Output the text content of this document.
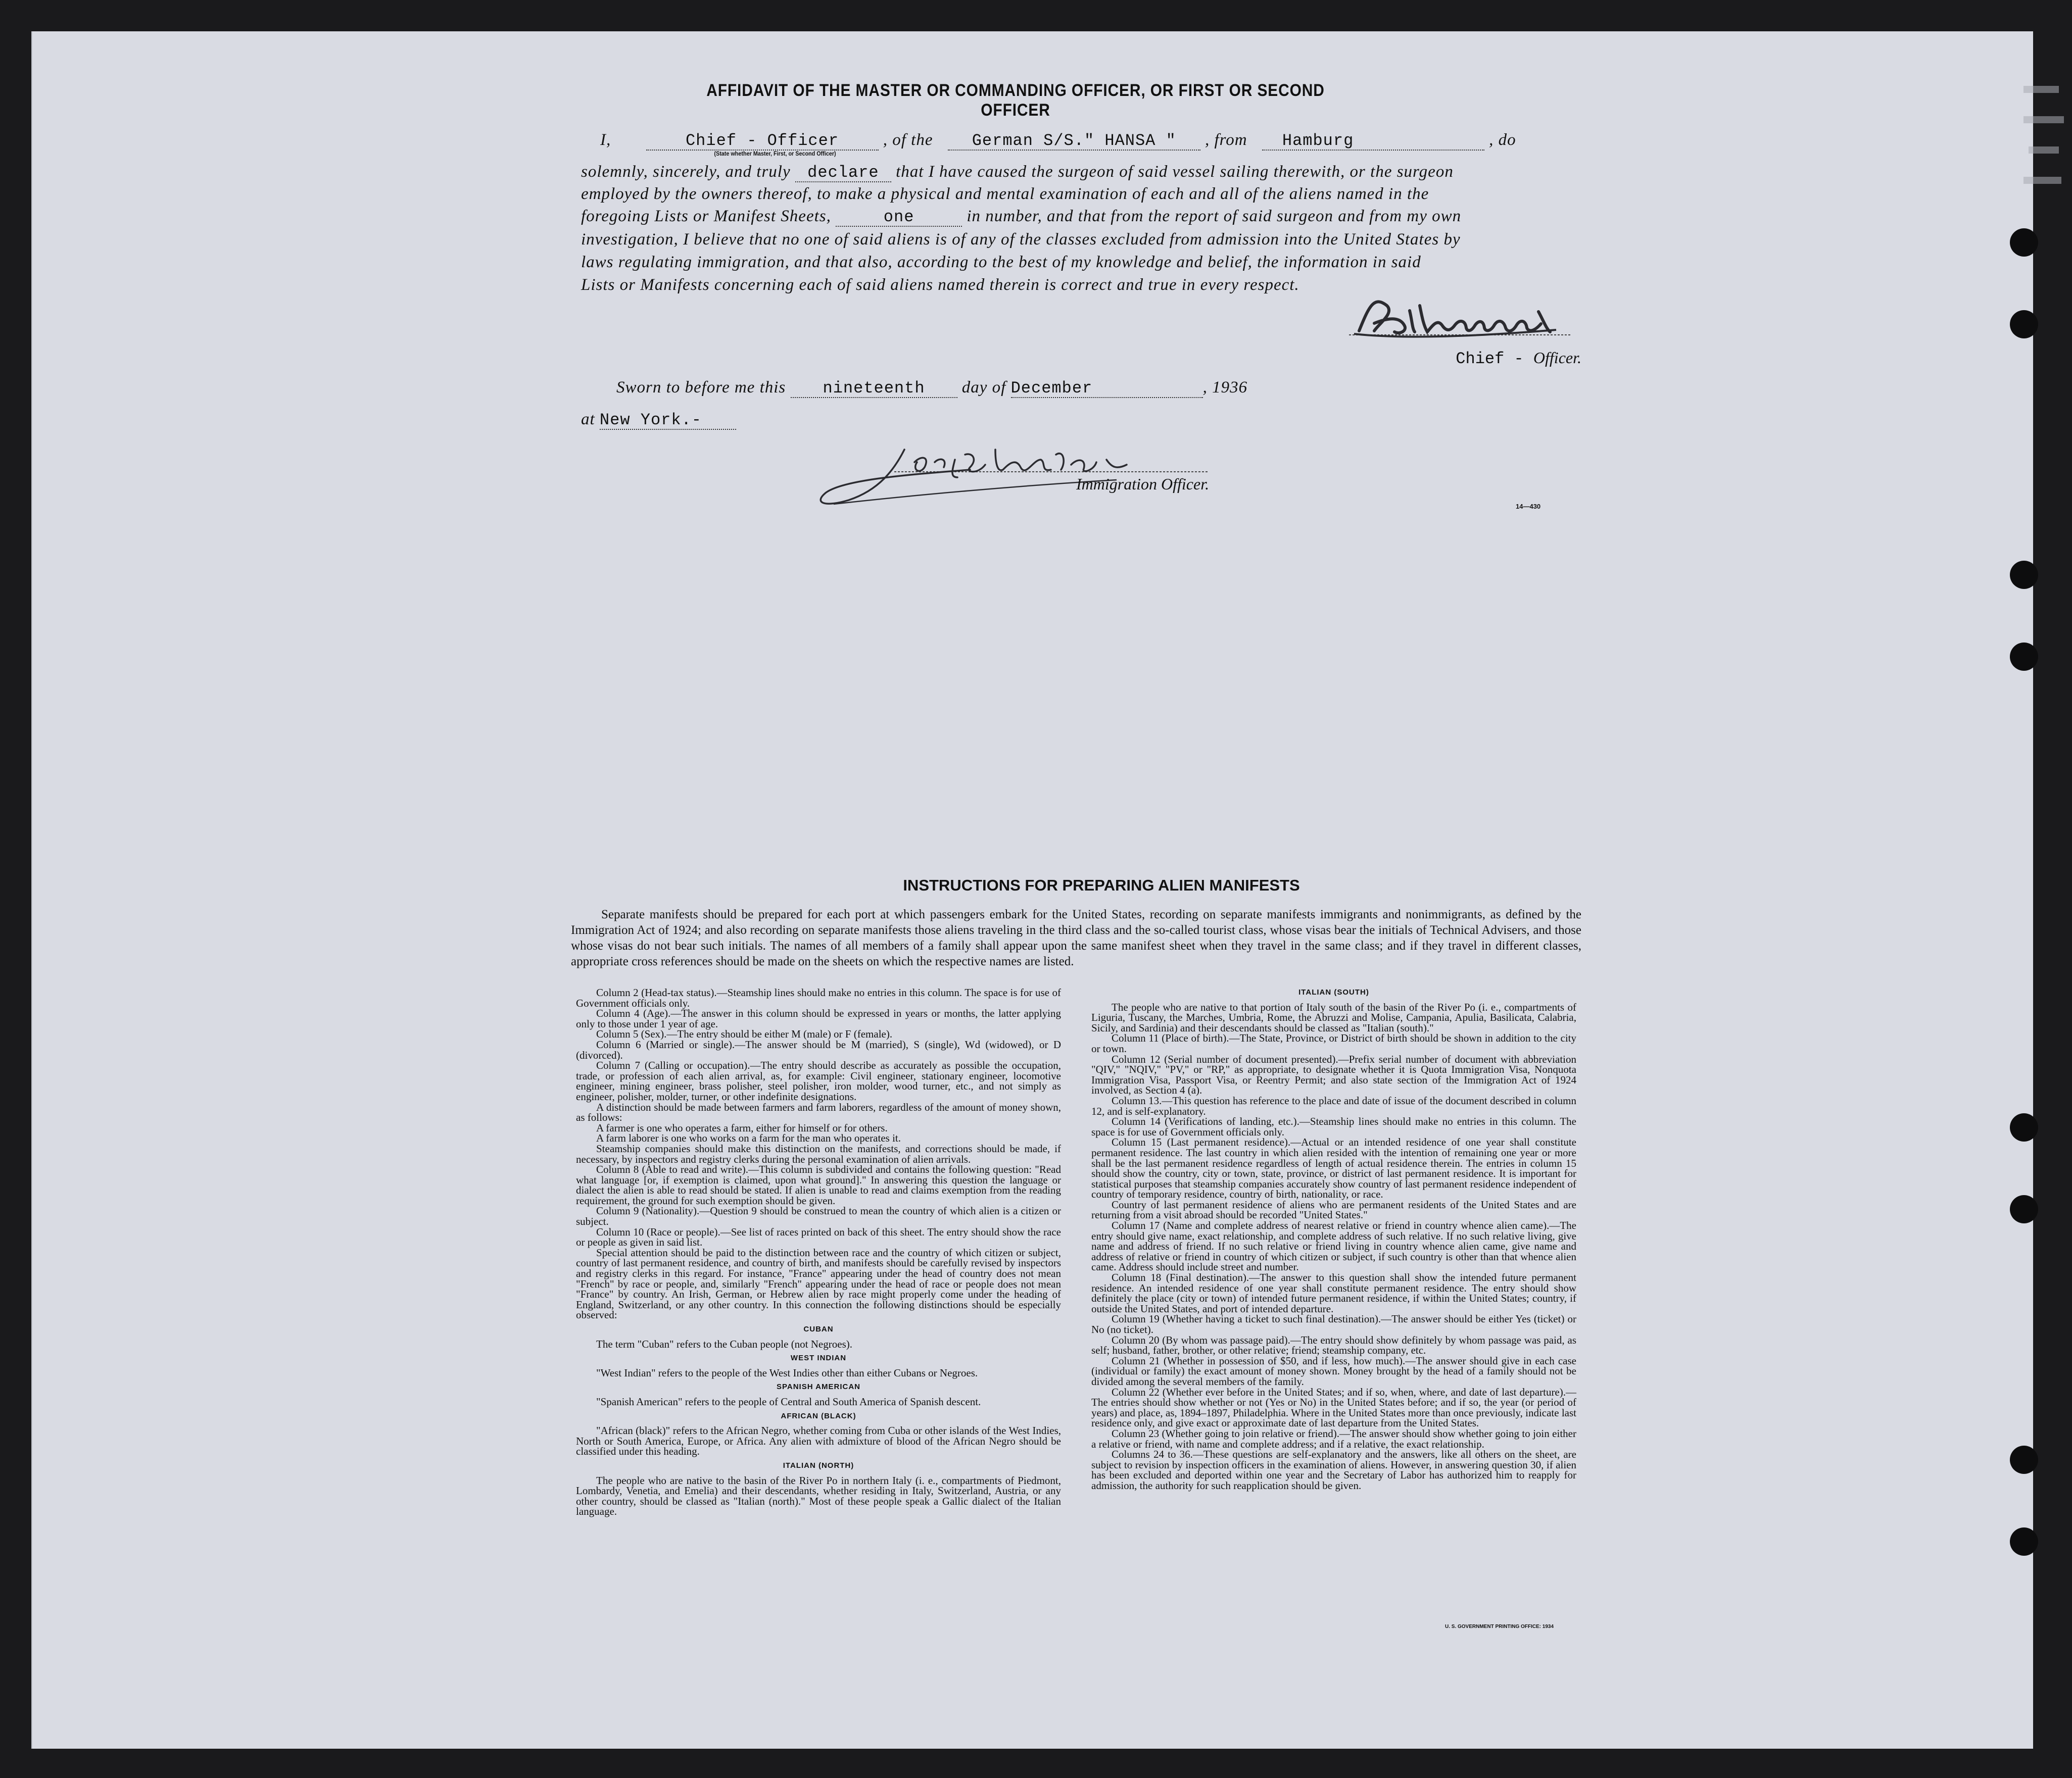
AFFIDAVIT OF THE MASTER OR COMMANDING OFFICER, OR FIRST OR SECOND OFFICER
I,	Chief - Officer	, of the German S/S." HANSA " , from Hamburg	, do
(State whether Master, First, or Second Officer)
solemnly, sincerely, and truly declare that I have caused the surgeon of said vessel sailing therewith, or the surgeon
employed by the owners thereof, to make a physical and mental examination of each and all of the aliens named in the
foregoing Lists or Manifest Sheets,	one	in number, and that from the report of said surgeon and from my own
investigation, I believe that no one of said aliens is of any of the classes excluded from admission into the United States by
laws regulating immigration, and that also, according to the best of my knowledge and belief, the information in said
Lists or Manifests concerning each of said aliens named therein is correct and true in every respect.
Chief - Officer.
Sworn to before me this nineteenth day of December	, 1936
at New York.-
Immigration Officer.
14—430
INSTRUCTIONS FOR PREPARING ALIEN MANIFESTS
Separate manifests should be prepared for each port at which passengers embark for the United States, recording on separate manifests immigrants and nonimmigrants, as defined by the Immigration Act of 1924; and also recording on separate manifests those aliens traveling in the third class and the so-called tourist class, whose visas bear the initials of Technical Advisers, and those whose visas do not bear such initials. The names of all members of a family shall appear upon the same manifest sheet when they travel in the same class; and if they travel in different classes, appropriate cross references should be made on the sheets on which the respective names are listed.

Column 2 (Head-tax status).—Steamship lines should make no entries in this column. The space is for use of Government officials only.

Column 4 (Age).—The answer in this column should be expressed in years or months, the latter applying only to those under 1 year of age.

Column 5 (Sex).—The entry should be either M (male) or F (female).

Column 6 (Married or single).—The answer should be M (married), S (single), Wd (widowed), or D (divorced).

Column 7 (Calling or occupation).—The entry should describe as accurately as possible the occupation, trade, or profession of each alien arrival, as, for example: Civil engineer, stationary engineer, locomotive engineer, mining engineer, brass polisher, steel polisher, iron molder, wood turner, etc., and not simply as engineer, polisher, molder, turner, or other indefinite designations.

A distinction should be made between farmers and farm laborers, regardless of the amount of money shown, as follows:

A farmer is one who operates a farm, either for himself or for others.

A farm laborer is one who works on a farm for the man who operates it.

Steamship companies should make this distinction on the manifests, and corrections should be made, if necessary, by inspectors and registry clerks during the personal examination of alien arrivals.

Column 8 (Able to read and write).—This column is subdivided and contains the following question: "Read what language [or, if exemption is claimed, upon what ground]." In answering this question the language or dialect the alien is able to read should be stated. If alien is unable to read and claims exemption from the reading requirement, the ground for such exemption should be given.

Column 9 (Nationality).—Question 9 should be construed to mean the country of which alien is a citizen or subject.

Column 10 (Race or people).—See list of races printed on back of this sheet. The entry should show the race or people as given in said list.

Special attention should be paid to the distinction between race and the country of which citizen or subject, country of last permanent residence, and country of birth, and manifests should be carefully revised by inspectors and registry clerks in this regard. For instance, "France" appearing under the head of country does not mean "French" by race or people, and, similarly "French" appearing under the head of race or people does not mean "France" by country. An Irish, German, or Hebrew alien by race might properly come under the heading of England, Switzerland, or any other country. In this connection the following distinctions should be especially observed:

CUBAN

The term "Cuban" refers to the Cuban people (not Negroes).

WEST INDIAN

"West Indian" refers to the people of the West Indies other than either Cubans or Negroes.

SPANISH AMERICAN

"Spanish American" refers to the people of Central and South America of Spanish descent.

AFRICAN (BLACK)

"African (black)" refers to the African Negro, whether coming from Cuba or other islands of the West Indies, North or South America, Europe, or Africa. Any alien with admixture of blood of the African Negro should be classified under this heading.

ITALIAN (NORTH)

The people who are native to the basin of the River Po in northern Italy (i. e., compartments of Piedmont, Lombardy, Venetia, and Emelia) and their descendants, whether residing in Italy, Switzerland, Austria, or any other country, should be classed as "Italian (north)." Most of these people speak a Gallic dialect of the Italian language.

ITALIAN (SOUTH)

The people who are native to that portion of Italy south of the basin of the River Po (i. e., compartments of Liguria, Tuscany, the Marches, Umbria, Rome, the Abruzzi and Molise, Campania, Apulia, Basilicata, Calabria, Sicily, and Sardinia) and their descendants should be classed as "Italian (south)."

Column 11 (Place of birth).—The State, Province, or District of birth should be shown in addition to the city or town.

Column 12 (Serial number of document presented).—Prefix serial number of document with abbreviation "QIV," "NQIV," "PV," or "RP," as appropriate, to designate whether it is Quota Immigration Visa, Nonquota Immigration Visa, Passport Visa, or Reentry Permit; and also state section of the Immigration Act of 1924 involved, as Section 4 (a).

Column 13.—This question has reference to the place and date of issue of the document described in column 12, and is self-explanatory.

Column 14 (Verifications of landing, etc.).—Steamship lines should make no entries in this column. The space is for use of Government officials only.

Column 15 (Last permanent residence).—Actual or an intended residence of one year shall constitute permanent residence. The last country in which alien resided with the intention of remaining one year or more shall be the last permanent residence regardless of length of actual residence therein. The entries in column 15 should show the country, city or town, state, province, or district of last permanent residence. It is important for statistical purposes that steamship companies accurately show country of last permanent residence independent of country of temporary residence, country of birth, nationality, or race.

Country of last permanent residence of aliens who are permanent residents of the United States and are returning from a visit abroad should be recorded "United States."

Column 17 (Name and complete address of nearest relative or friend in country whence alien came).—The entry should give name, exact relationship, and complete address of such relative. If no such relative living, give name and address of friend. If no such relative or friend living in country whence alien came, give name and address of relative or friend in country of which citizen or subject, if such country is other than that whence alien came. Address should include street and number.

Column 18 (Final destination).—The answer to this question shall show the intended future permanent residence. An intended residence of one year shall constitute permanent residence. The entry should show definitely the place (city or town) of intended future permanent residence, if within the United States; country, if outside the United States, and port of intended departure.

Column 19 (Whether having a ticket to such final destination).—The answer should be either Yes (ticket) or No (no ticket).

Column 20 (By whom was passage paid).—The entry should show definitely by whom passage was paid, as self; husband, father, brother, or other relative; friend; steamship company, etc.

Column 21 (Whether in possession of $50, and if less, how much).—The answer should give in each case (individual or family) the exact amount of money shown. Money brought by the head of a family should not be divided among the several members of the family.

Column 22 (Whether ever before in the United States; and if so, when, where, and date of last departure).—The entries should show whether or not (Yes or No) in the United States before; and if so, the year (or period of years) and place, as, 1894–1897, Philadelphia. Where in the United States more than once previously, indicate last residence only, and give exact or approximate date of last departure from the United States.

Column 23 (Whether going to join relative or friend).—The answer should show whether going to join either a relative or friend, with name and complete address; and if a relative, the exact relationship.

Columns 24 to 36.—These questions are self-explanatory and the answers, like all others on the sheet, are subject to revision by inspection officers in the examination of aliens. However, in answering question 30, if alien has been excluded and deported within one year and the Secretary of Labor has authorized him to reapply for admission, the authority for such reapplication should be given.

U. S. GOVERNMENT PRINTING OFFICE: 1934
